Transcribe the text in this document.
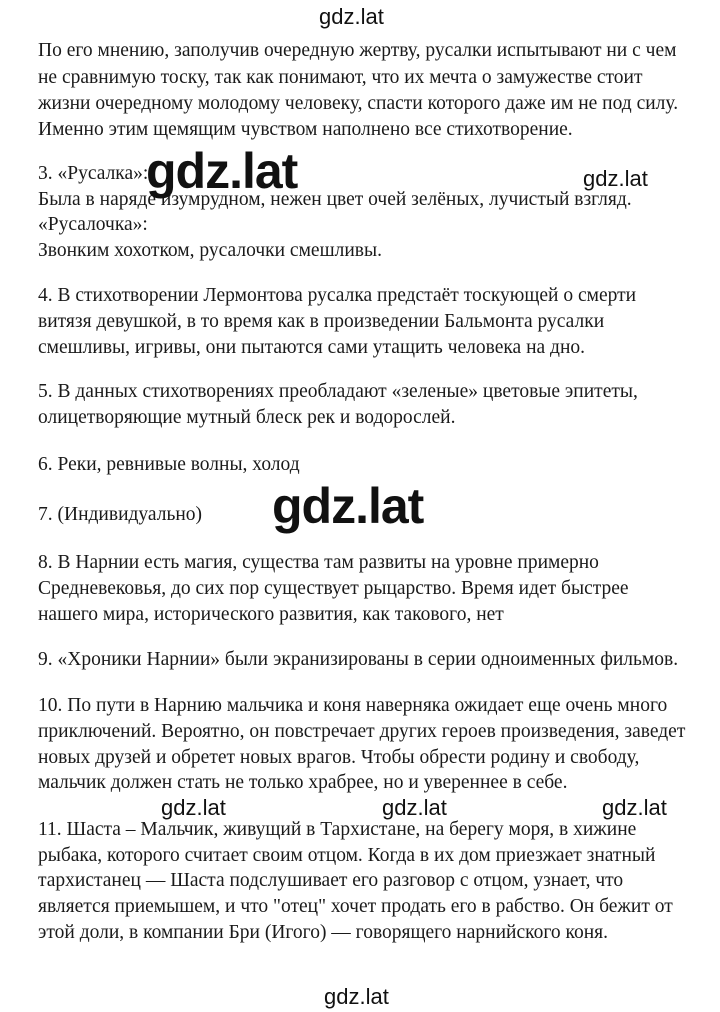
По его мнению, заполучив очередную жертву, русалки испытывают ни с чем
не сравнимую тоску, так как понимают, что их мечта о замужестве стоит
жизни очередному молодому человеку, спасти которого даже им не под силу.
Именно этим щемящим чувством наполнено все стихотворение.
3. «Русалка»:
Была в наряде изумрудном, нежен цвет очей зелёных, лучистый взгляд.
«Русалочка»:
Звонким хохотком, русалочки смешливы.
4. В стихотворении Лермонтова русалка предстаёт тоскующей о смерти
витязя девушкой, в то время как в произведении Бальмонта русалки
смешливы, игривы, они пытаются сами утащить человека на дно.
5. В данных стихотворениях преобладают «зеленые» цветовые эпитеты,
олицетворяющие мутный блеск рек и водорослей.
6. Реки, ревнивые волны, холод
7. (Индивидуально)
8. В Нарнии есть магия, существа там развиты на уровне примерно
Средневековья, до сих пор существует рыцарство. Время идет быстрее
нашего мира, исторического развития, как такового, нет
9. «Хроники Нарнии» были экранизированы в серии одноименных фильмов.
10. По пути в Нарнию мальчика и коня наверняка ожидает еще очень много
приключений. Вероятно, он повстречает других героев произведения, заведет
новых друзей и обретет новых врагов. Чтобы обрести родину и свободу,
мальчик должен стать не только храбрее, но и увереннее в себе.
11. Шаста – Мальчик, живущий в Тархистане, на берегу моря, в хижине
рыбака, которого считает своим отцом. Когда в их дом приезжает знатный
тархистанец — Шаста подслушивает его разговор с отцом, узнает, что
является приемышем, и что "отец" хочет продать его в рабство. Он бежит от
этой доли, в компании Бри (Игого) — говорящего нарнийского коня.
gdz.lat
gdz.lat	gdz.lat
gdz.lat
gdz.lat	gdz.lat	gdz.lat
gdz.lat
